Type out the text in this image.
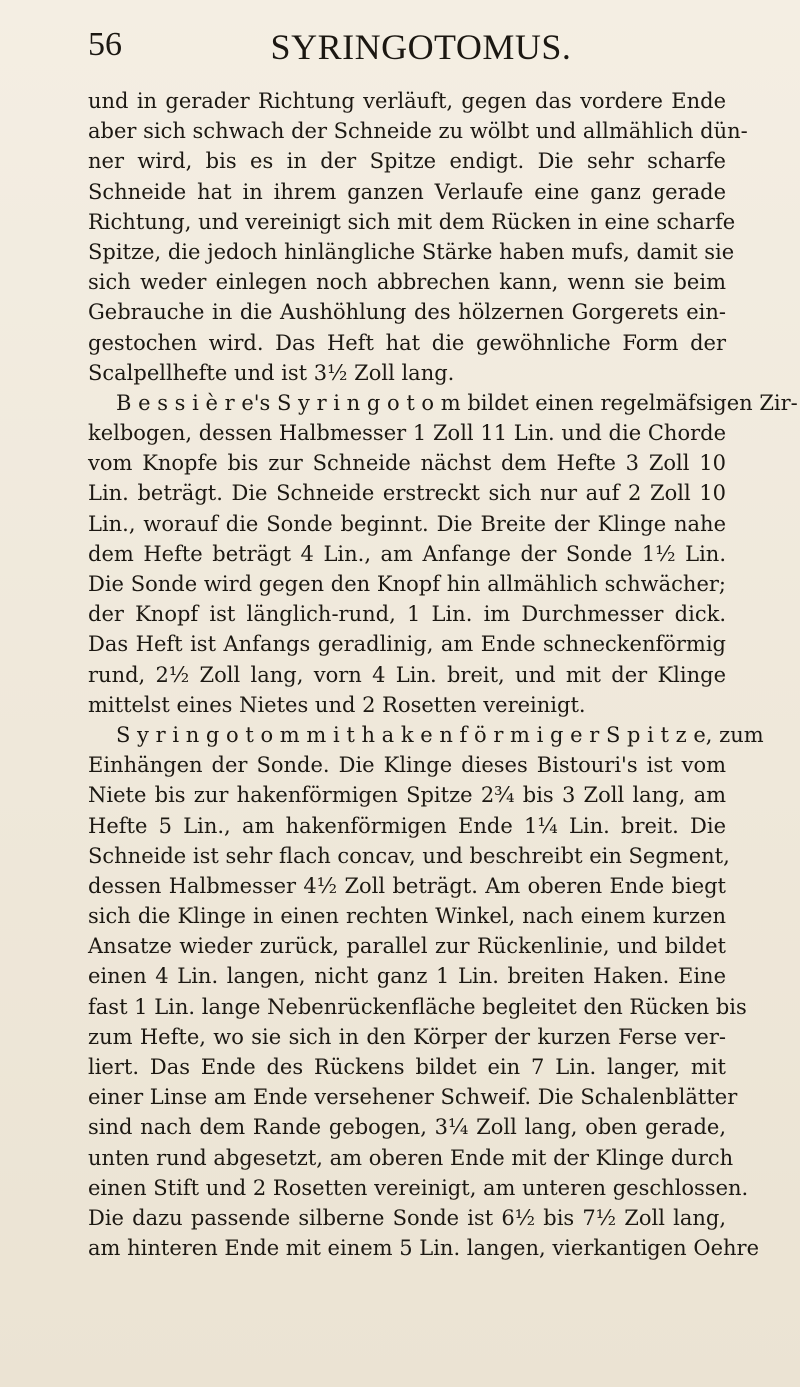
56	SYRINGOTOMUS.
und in gerader Richtung verläuft, gegen das vordere Ende
aber sich schwach der Schneide zu wölbt und allmählich dün-
ner wird, bis es in der Spitze endigt. Die sehr scharfe
Schneide hat in ihrem ganzen Verlaufe eine ganz gerade
Richtung, und vereinigt sich mit dem Rücken in eine scharfe
Spitze, die jedoch hinlängliche Stärke haben mufs, damit sie
sich weder einlegen noch abbrechen kann, wenn sie beim
Gebrauche in die Aushöhlung des hölzernen Gorgerets ein-
gestochen wird. Das Heft hat die gewöhnliche Form der
Scalpellhefte und ist 3½ Zoll lang.
B e s s i è r e's S y r i n g o t o m bildet einen regelmäfsigen Zir-
kelbogen, dessen Halbmesser 1 Zoll 11 Lin. und die Chorde
vom Knopfe bis zur Schneide nächst dem Hefte 3 Zoll 10
Lin. beträgt. Die Schneide erstreckt sich nur auf 2 Zoll 10
Lin., worauf die Sonde beginnt. Die Breite der Klinge nahe
dem Hefte beträgt 4 Lin., am Anfange der Sonde 1½ Lin.
Die Sonde wird gegen den Knopf hin allmählich schwächer;
der Knopf ist länglich-rund, 1 Lin. im Durchmesser dick.
Das Heft ist Anfangs geradlinig, am Ende schneckenförmig
rund, 2½ Zoll lang, vorn 4 Lin. breit, und mit der Klinge
mittelst eines Nietes und 2 Rosetten vereinigt.
S y r i n g o t o m m i t h a k e n f ö r m i g e r S p i t z e, zum
Einhängen der Sonde. Die Klinge dieses Bistouri's ist vom
Niete bis zur hakenförmigen Spitze 2¾ bis 3 Zoll lang, am
Hefte 5 Lin., am hakenförmigen Ende 1¼ Lin. breit. Die
Schneide ist sehr flach concav, und beschreibt ein Segment,
dessen Halbmesser 4½ Zoll beträgt. Am oberen Ende biegt
sich die Klinge in einen rechten Winkel, nach einem kurzen
Ansatze wieder zurück, parallel zur Rückenlinie, und bildet
einen 4 Lin. langen, nicht ganz 1 Lin. breiten Haken. Eine
fast 1 Lin. lange Nebenrückenfläche begleitet den Rücken bis
zum Hefte, wo sie sich in den Körper der kurzen Ferse ver-
liert. Das Ende des Rückens bildet ein 7 Lin. langer, mit
einer Linse am Ende versehener Schweif. Die Schalenblätter
sind nach dem Rande gebogen, 3¼ Zoll lang, oben gerade,
unten rund abgesetzt, am oberen Ende mit der Klinge durch
einen Stift und 2 Rosetten vereinigt, am unteren geschlossen.
Die dazu passende silberne Sonde ist 6½ bis 7½ Zoll lang,
am hinteren Ende mit einem 5 Lin. langen, vierkantigen Oehre
